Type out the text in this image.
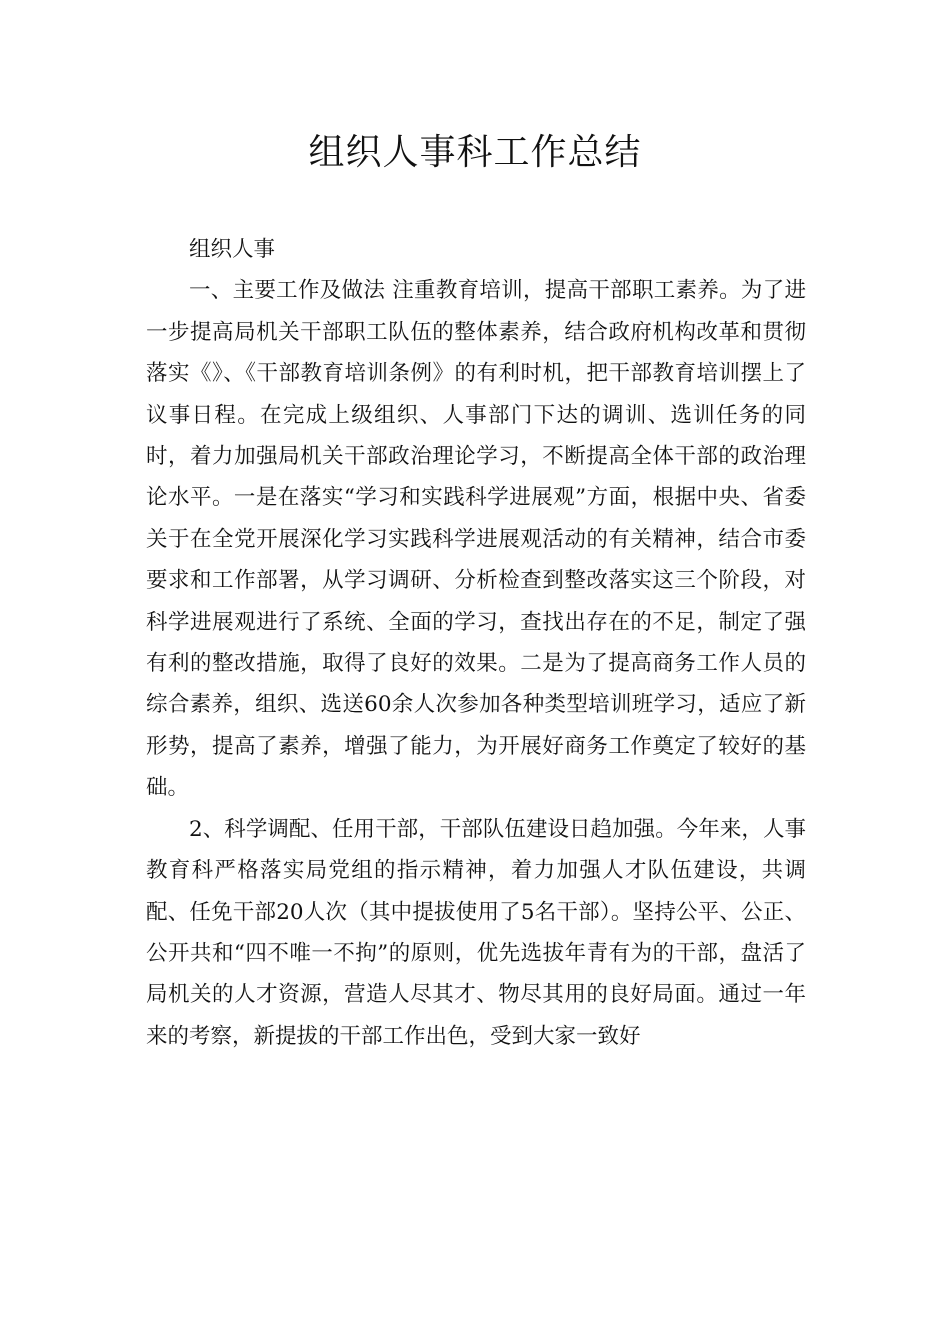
组织人事科工作总结

组织人事

一、主要工作及做法 注重教育培训，提高干部职工素养。为了进一步提高局机关干部职工队伍的整体素养，结合政府机构改革和贯彻落实《》、《干部教育培训条例》的有利时机，把干部教育培训摆上了议事日程。在完成上级组织、人事部门下达的调训、选训任务的同时，着力加强局机关干部政治理论学习，不断提高全体干部的政治理论水平。一是在落实“学习和实践科学进展观”方面，根据中央、省委关于在全党开展深化学习实践科学进展观活动的有关精神，结合市委要求和工作部署，从学习调研、分析检查到整改落实这三个阶段，对科学进展观进行了系统、全面的学习，查找出存在的不足，制定了强有利的整改措施，取得了良好的效果。二是为了提高商务工作人员的综合素养，组织、选送60余人次参加各种类型培训班学习，适应了新形势，提高了素养，增强了能力，为开展好商务工作奠定了较好的基础。

2、科学调配、任用干部，干部队伍建设日趋加强。今年来，人事教育科严格落实局党组的指示精神，着力加强人才队伍建设，共调配、任免干部20人次（其中提拔使用了5名干部）。坚持公平、公正、公开共和“四不唯一不拘”的原则，优先选拔年青有为的干部，盘活了局机关的人才资源，营造人尽其才、物尽其用的良好局面。通过一年来的考察，新提拔的干部工作出色，受到大家一致好
